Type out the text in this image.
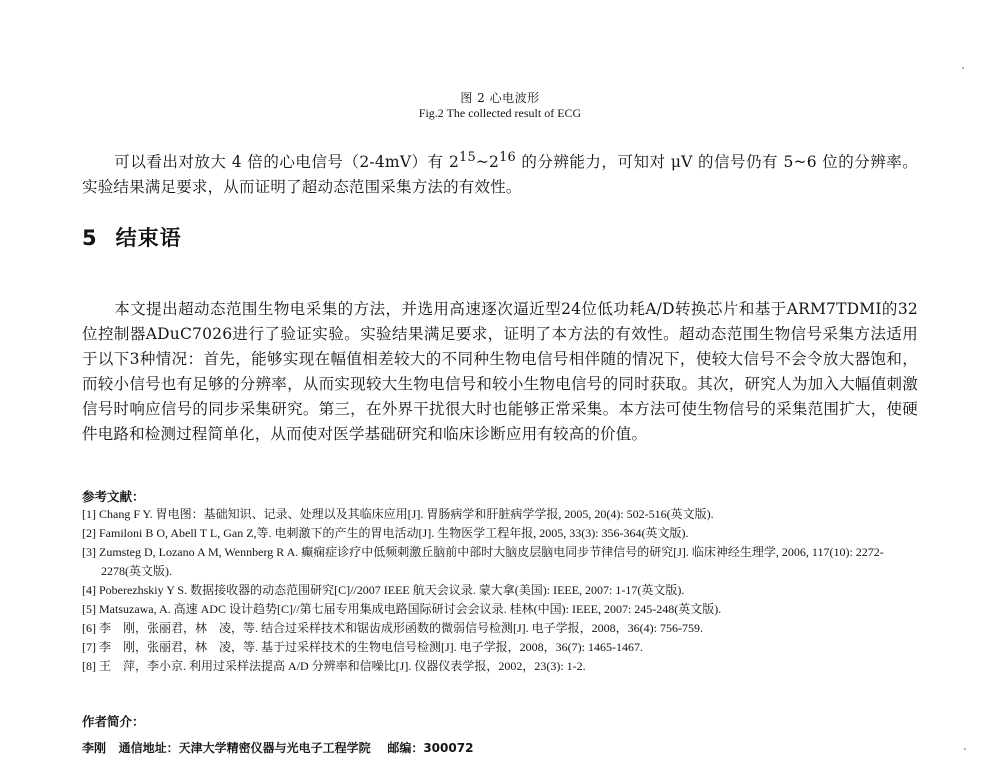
图 2 心电波形
Fig.2 The collected result of ECG

可以看出对放大 4 倍的心电信号（2-4mV）有 $2^{15}\sim 2^{16}$ 的分辨能力，可知对 μV 的信号仍有 5~6 位的分辨率。实验结果满足要求，从而证明了超动态范围采集方法的有效性。

5 结束语

本文提出超动态范围生物电采集的方法，并选用高速逐次逼近型24位低功耗A/D转换芯片和基于ARM7TDMI的32位控制器ADuC7026进行了验证实验。实验结果满足要求，证明了本方法的有效性。超动态范围生物信号采集方法适用于以下3种情况：首先，能够实现在幅值相差较大的不同种生物电信号相伴随的情况下，使较大信号不会令放大器饱和，而较小信号也有足够的分辨率，从而实现较大生物电信号和较小生物电信号的同时获取。其次，研究人为加入大幅值刺激信号时响应信号的同步采集研究。第三，在外界干扰很大时也能够正常采集。本方法可使生物信号的采集范围扩大，使硬件电路和检测过程简单化，从而使对医学基础研究和临床诊断应用有较高的价值。

参考文献：
[1] Chang F Y. 胃电图：基础知识、记录、处理以及其临床应用[J]. 胃肠病学和肝脏病学学报, 2005, 20(4): 502-516(英文版).
[2] Familoni B O, Abell T L, Gan Z,等. 电刺激下的产生的胃电活动[J]. 生物医学工程年报, 2005, 33(3): 356-364(英文版).
[3] Zumsteg D, Lozano A M, Wennberg R A. 癫痫症诊疗中低频刺激丘脑前中部时大脑皮层脑电同步节律信号的研究[J]. 临床神经生理学, 2006, 117(10): 2272-2278(英文版).
[4] Poberezhskiy Y S. 数据接收器的动态范围研究[C]//2007 IEEE 航天会议录. 蒙大拿(美国): IEEE, 2007: 1-17(英文版).
[5] Matsuzawa, A. 高速 ADC 设计趋势[C]//第七届专用集成电路国际研讨会会议录. 桂林(中国): IEEE, 2007: 245-248(英文版).
[6] 李　刚，张丽君，林　凌，等. 结合过采样技术和锯齿成形函数的微弱信号检测[J]. 电子学报，2008，36(4): 756-759.
[7] 李　刚，张丽君，林　凌，等. 基于过采样技术的生物电信号检测[J]. 电子学报，2008，36(7): 1465-1467.
[8] 王　萍，李小京. 利用过采样法提高 A/D 分辨率和信噪比[J]. 仪器仪表学报，2002，23(3): 1-2.
作者简介：
李刚 通信地址：天津大学精密仪器与光电子工程学院 邮编：300072
